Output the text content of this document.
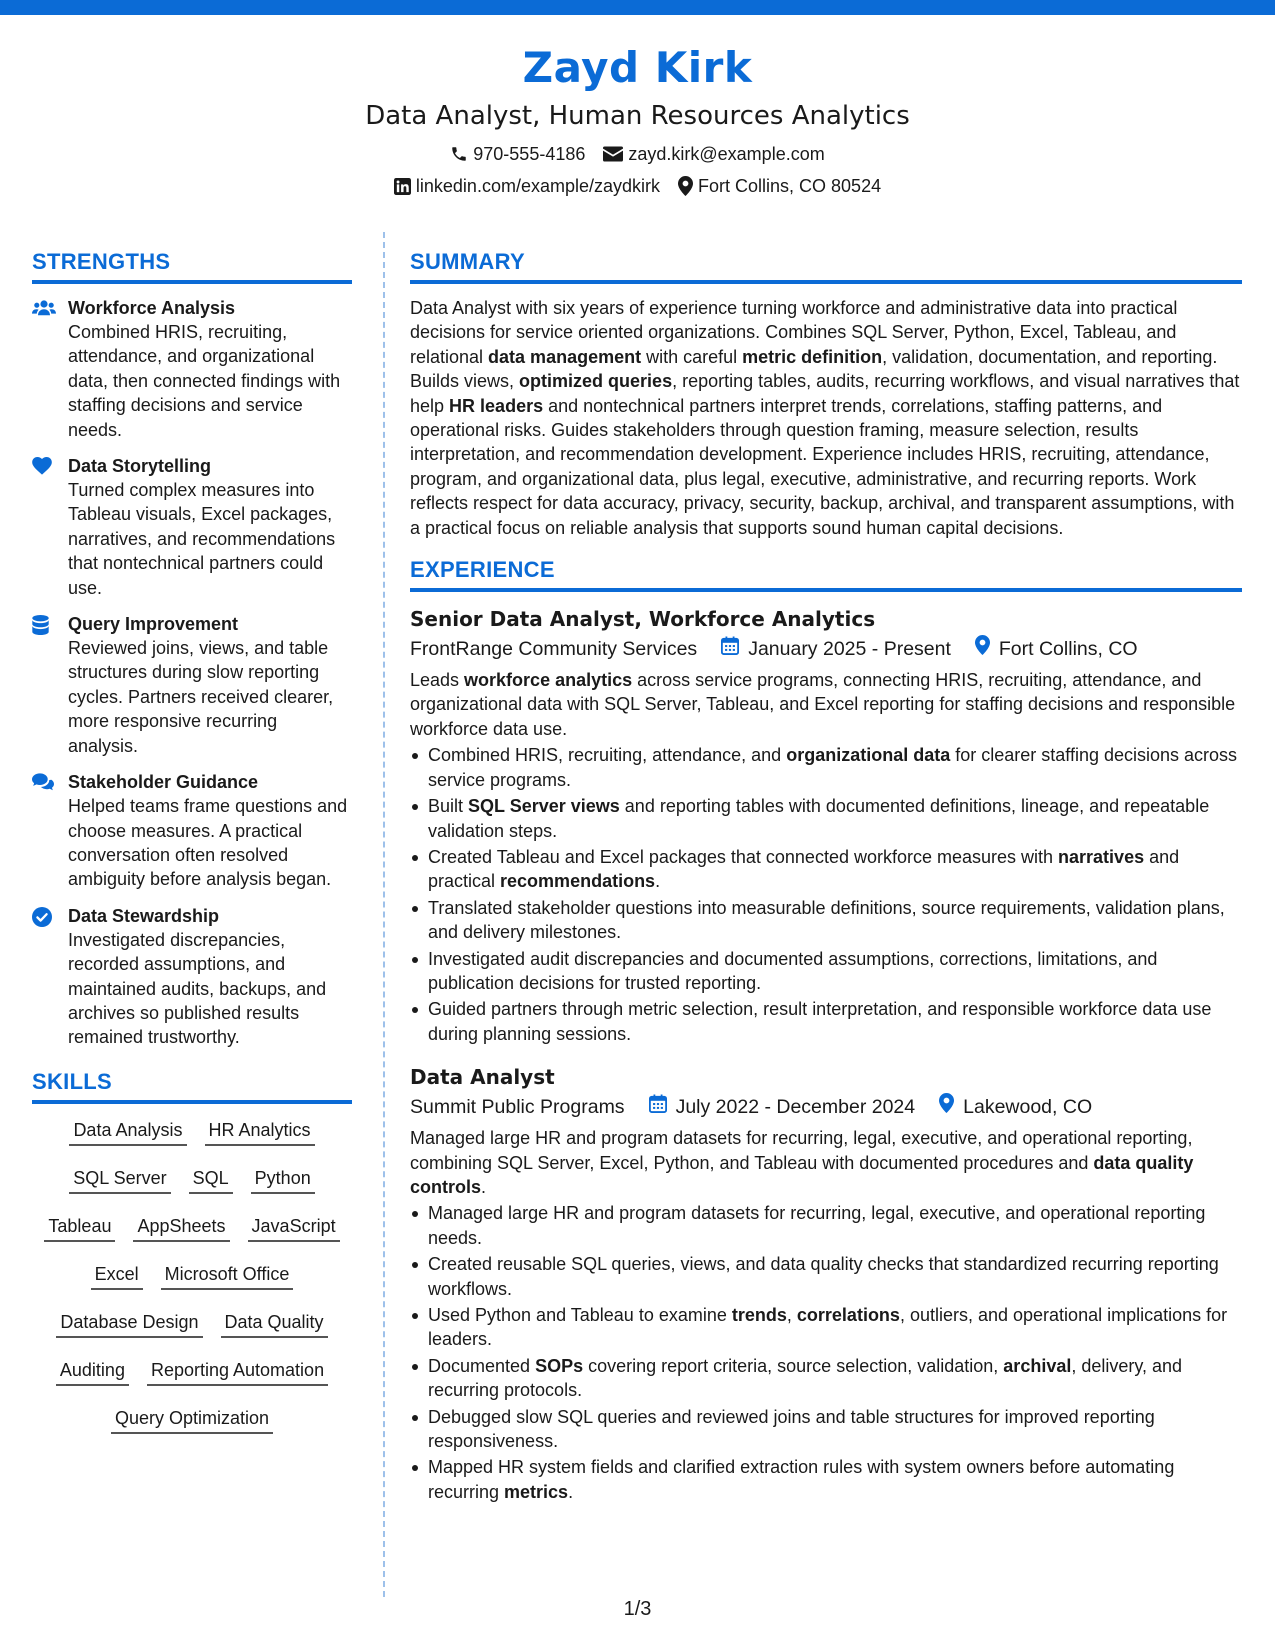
Zayd Kirk
Data Analyst, Human Resources Analytics
970-555-4186 zayd.kirk@example.com
linkedin.com/example/zaydkirk Fort Collins, CO 80524
STRENGTHS
Workforce Analysis
Combined HRIS, recruiting, attendance, and organizational data, then connected findings with staffing decisions and service needs.
Data Storytelling
Turned complex measures into Tableau visuals, Excel packages, narratives, and recommendations that nontechnical partners could use.
Query Improvement
Reviewed joins, views, and table structures during slow reporting cycles. Partners received clearer, more responsive recurring analysis.
Stakeholder Guidance
Helped teams frame questions and choose measures. A practical conversation often resolved ambiguity before analysis began.
Data Stewardship
Investigated discrepancies, recorded assumptions, and maintained audits, backups, and archives so published results remained trustworthy.
SKILLS
Data Analysis HR Analytics
SQL Server SQL Python
Tableau AppSheets JavaScript
Excel Microsoft Office
Database Design Data Quality
Auditing Reporting Automation
Query Optimization
SUMMARY

Data Analyst with six years of experience turning workforce and administrative data into practical decisions for service oriented organizations. Combines SQL Server, Python, Excel, Tableau, and relational data management with careful metric definition, validation, documentation, and reporting. Builds views, optimized queries, reporting tables, audits, recurring workflows, and visual narratives that help HR leaders and nontechnical partners interpret trends, correlations, staffing patterns, and operational risks. Guides stakeholders through question framing, measure selection, results interpretation, and recommendation development. Experience includes HRIS, recruiting, attendance, program, and organizational data, plus legal, executive, administrative, and recurring reports. Work reflects respect for data accuracy, privacy, security, backup, archival, and transparent assumptions, with a practical focus on reliable analysis that supports sound human capital decisions.

EXPERIENCE
Senior Data Analyst, Workforce Analytics
FrontRange Community Services	January 2025 - Present Fort Collins, CO

Leads workforce analytics across service programs, connecting HRIS, recruiting, attendance, and organizational data with SQL Server, Tableau, and Excel reporting for staffing decisions and responsible workforce data use.

Combined HRIS, recruiting, attendance, and organizational data for clearer staffing decisions across service programs.
Built SQL Server views and reporting tables with documented definitions, lineage, and repeatable validation steps.
Created Tableau and Excel packages that connected workforce measures with narratives and practical recommendations.
Translated stakeholder questions into measurable definitions, source requirements, validation plans, and delivery milestones.
Investigated audit discrepancies and documented assumptions, corrections, limitations, and publication decisions for trusted reporting.
Guided partners through metric selection, result interpretation, and responsible workforce data use during planning sessions.
Data Analyst
Summit Public Programs	July 2022 - December 2024 Lakewood, CO

Managed large HR and program datasets for recurring, legal, executive, and operational reporting, combining SQL Server, Excel, Python, and Tableau with documented procedures and data quality controls.

Managed large HR and program datasets for recurring, legal, executive, and operational reporting needs.
Created reusable SQL queries, views, and data quality checks that standardized recurring reporting workflows.
Used Python and Tableau to examine trends, correlations, outliers, and operational implications for leaders.
Documented SOPs covering report criteria, source selection, validation, archival, delivery, and recurring protocols.
Debugged slow SQL queries and reviewed joins and table structures for improved reporting responsiveness.
Mapped HR system fields and clarified extraction rules with system owners before automating recurring metrics.
1/3
